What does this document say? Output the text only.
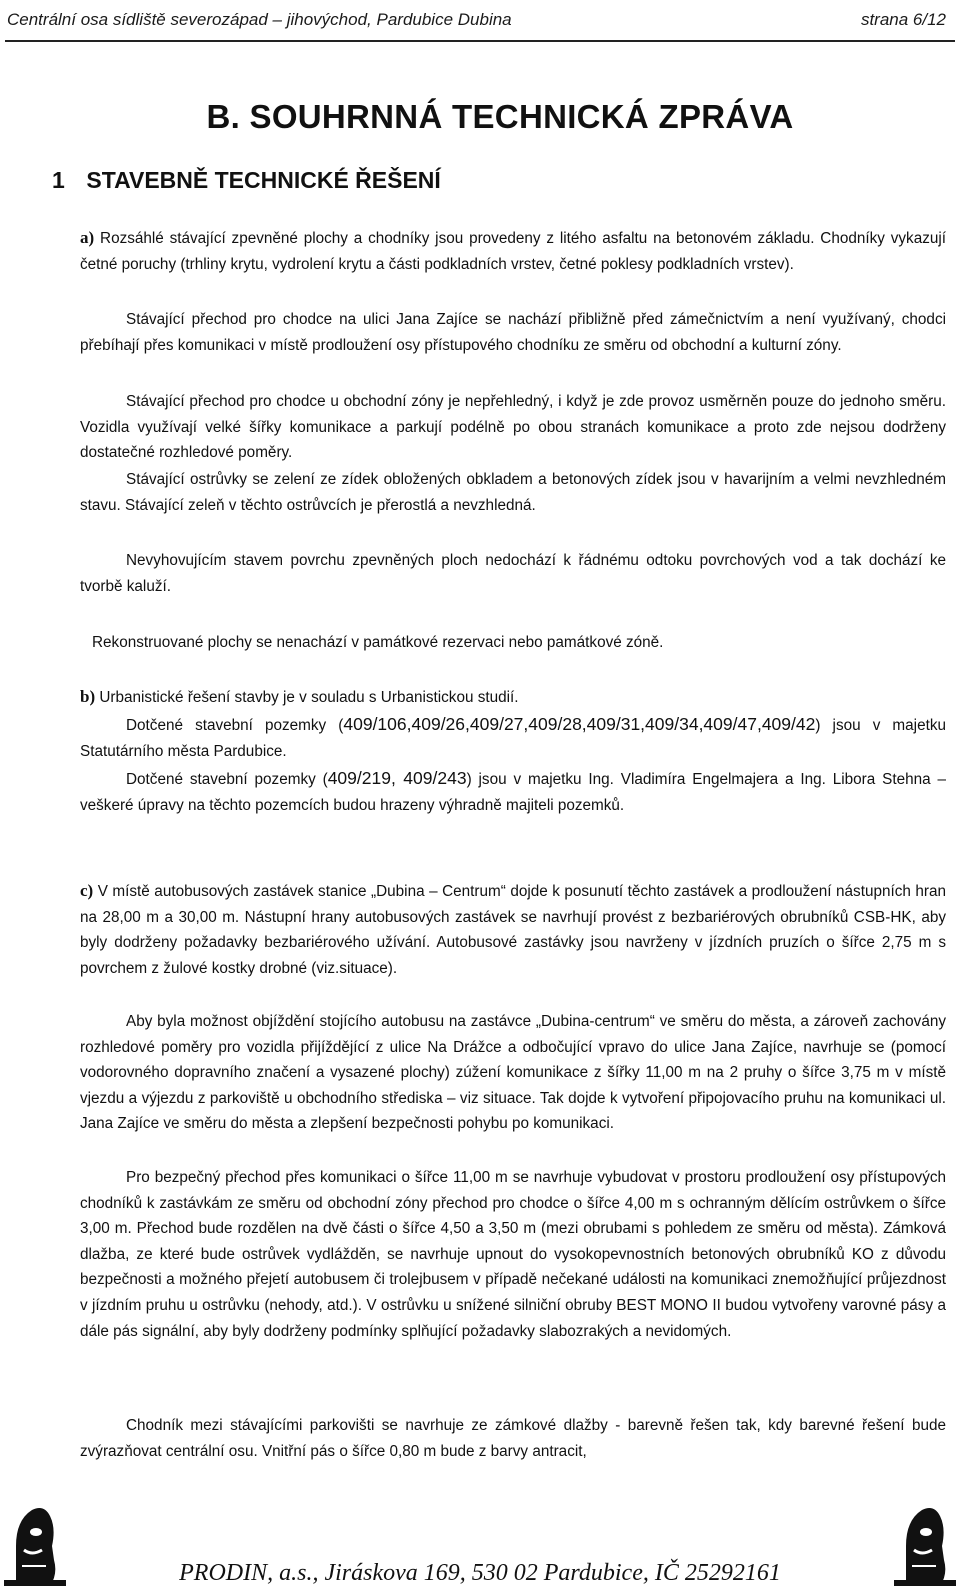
Centrální osa sídliště severozápad – jihovýchod, Pardubice Dubina	strana 6/12
B. SOUHRNNÁ TECHNICKÁ ZPRÁVA
1 STAVEBNĚ TECHNICKÉ ŘEŠENÍ
a) Rozsáhlé stávající zpevněné plochy a chodníky jsou provedeny z litého asfaltu na betonovém základu. Chodníky vykazují četné poruchy (trhliny krytu, vydrolení krytu a části podkladních vrstev, četné poklesy podkladních vrstev).
Stávající přechod pro chodce na ulici Jana Zajíce se nachází přibližně před zámečnictvím a není využívaný, chodci přebíhají přes komunikaci v místě prodloužení osy přístupového chodníku ze směru od obchodní a kulturní zóny.
Stávající přechod pro chodce u obchodní zóny je nepřehledný, i když je zde provoz usměrněn pouze do jednoho směru. Vozidla využívají velké šířky komunikace a parkují podélně po obou stranách komunikace a proto zde nejsou dodrženy dostatečné rozhledové poměry.
Stávající ostrůvky se zelení ze zídek obložených obkladem a betonových zídek jsou v havarijním a velmi nevzhledném stavu. Stávající zeleň v těchto ostrůvcích je přerostlá a nevzhledná.
Nevyhovujícím stavem povrchu zpevněných ploch nedochází k řádnému odtoku povrchových vod a tak dochází ke tvorbě kaluží.
Rekonstruované plochy se nenachází v památkové rezervaci nebo památkové zóně.
b) Urbanistické řešení stavby je v souladu s Urbanistickou studií.
Dotčené stavební pozemky (409/106,409/26,409/27,409/28,409/31,409/34,409/47,409/42) jsou v majetku Statutárního města Pardubice.
Dotčené stavební pozemky (409/219, 409/243) jsou v majetku Ing. Vladimíra Engelmajera a Ing. Libora Stehna – veškeré úpravy na těchto pozemcích budou hrazeny výhradně majiteli pozemků.
c) V místě autobusových zastávek stanice „Dubina – Centrum“ dojde k posunutí těchto zastávek a prodloužení nástupních hran na 28,00 m a 30,00 m. Nástupní hrany autobusových zastávek se navrhují provést z bezbariérových obrubníků CSB-HK, aby byly dodrženy požadavky bezbariérového užívání. Autobusové zastávky jsou navrženy v jízdních pruzích o šířce 2,75 m s povrchem z žulové kostky drobné (viz.situace).
Aby byla možnost objíždění stojícího autobusu na zastávce „Dubina-centrum“ ve směru do města, a zároveň zachovány rozhledové poměry pro vozidla přijíždějící z ulice Na Drážce a odbočující vpravo do ulice Jana Zajíce, navrhuje se (pomocí vodorovného dopravního značení a vysazené plochy) zúžení komunikace z šířky 11,00 m na 2 pruhy o šířce 3,75 m v místě vjezdu a výjezdu z parkoviště u obchodního střediska – viz situace. Tak dojde k vytvoření připojovacího pruhu na komunikaci ul. Jana Zajíce ve směru do města a zlepšení bezpečnosti pohybu po komunikaci.
Pro bezpečný přechod přes komunikaci o šířce 11,00 m se navrhuje vybudovat v prostoru prodloužení osy přístupových chodníků k zastávkám ze směru od obchodní zóny přechod pro chodce o šířce 4,00 m s ochranným dělícím ostrůvkem o šířce 3,00 m. Přechod bude rozdělen na dvě části o šířce 4,50 a 3,50 m (mezi obrubami s pohledem ze směru od města). Zámková dlažba, ze které bude ostrůvek vydlážděn, se navrhuje upnout do vysokopevnostních betonových obrubníků KO z důvodu bezpečnosti a možného přejetí autobusem či trolejbusem v případě nečekané události na komunikaci znemožňující průjezdnost v jízdním pruhu u ostrůvku (nehody, atd.). V ostrůvku u snížené silniční obruby BEST MONO II budou vytvořeny varovné pásy a dále pás signální, aby byly dodrženy podmínky splňující požadavky slabozrakých a nevidomých.
Chodník mezi stávajícími parkovišti se navrhuje ze zámkové dlažby - barevně řešen tak, kdy barevné řešení bude zvýrazňovat centrální osu. Vnitřní pás o šířce 0,80 m bude z barvy antracit,
PRODIN, a.s., Jiráskova 169, 530 02 Pardubice, IČ 25292161
